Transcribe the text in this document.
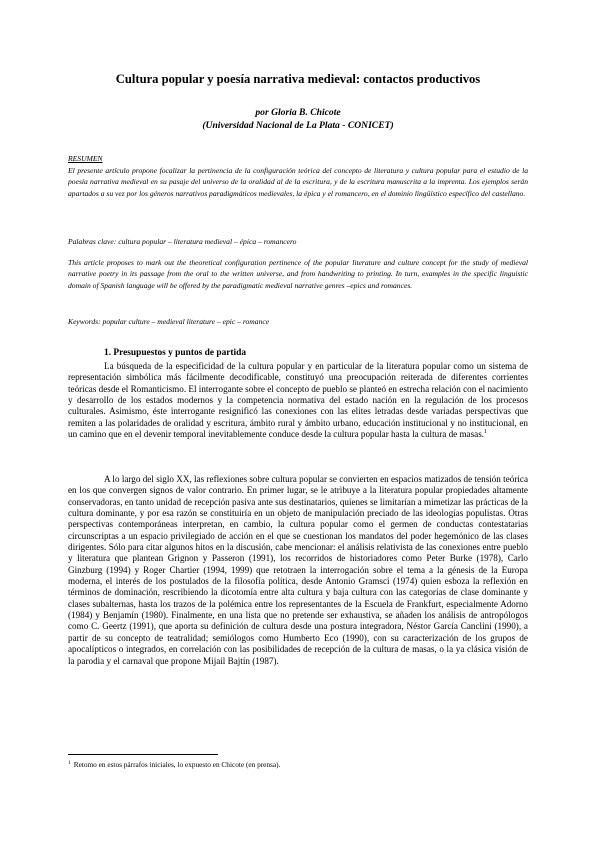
Cultura popular y poesía narrativa medieval: contactos productivos
por Gloria B. Chicote
(Universidad Nacional de La Plata - CONICET)

RESUMEN

El presente artículo propone focalizar la pertinencia de la configuración teórica del concepto de literatura y cultura popular para el estudio de la poesía narrativa medieval en su pasaje del universo de la oralidad al de la escritura, y de la escritura manuscrita a la imprenta. Los ejemplos serán apartados a su vez por los géneros narrativos paradigmáticos medievales, la épica y el romancero, en el dominio lingüístico específico del castellano.

Palabras clave: cultura popular – literatura medieval – épica – romancero

This article proposes to mark out the theoretical configuration pertinence of the popular literature and culture concept for the study of medieval narrative poetry in its passage from the oral to the written universe, and from handwriting to printing. In turn, examples in the specific linguistic domain of Spanish language will be offered by the paradigmatic medieval narrative genres –epics and romances.

Keywords: popular culture – medieval literature – epic – romance

1. Presupuestos y puntos de partida

La búsqueda de la especificidad de la cultura popular y en particular de la literatura popular como un sistema de representación simbólica más fácilmente decodificable, constituyó una preocupación reiterada de diferentes corrientes teóricas desde el Romanticismo. El interrogante sobre el concepto de pueblo se planteó en estrecha relación con el nacimiento y desarrollo de los estados modernos y la competencia normativa del estado nación en la regulación de los procesos culturales. Asimismo, éste interrogante resignificó las conexiones con las elites letradas desde variadas perspectivas que remiten a las polaridades de oralidad y escritura, ámbito rural y ámbito urbano, educación institucional y no institucional, en un camino que en el devenir temporal inevitablemente conduce desde la cultura popular hasta la cultura de masas.$^1$

A lo largo del siglo XX, las reflexiones sobre cultura popular se convierten en espacios matizados de tensión teórica en los que convergen signos de valor contrario. En primer lugar, se le atribuye a la literatura popular propiedades altamente conservadoras, en tanto unidad de recepción pasiva ante sus destinatarios, quienes se limitarían a mimetizar las prácticas de la cultura dominante, y por esa razón se constituiría en un objeto de manipulación preciado de las ideologías populistas. Otras perspectivas contemporáneas interpretan, en cambio, la cultura popular como el germen de conductas contestatarias circunscriptas a un espacio privilegiado de acción en el que se cuestionan los mandatos del poder hegemónico de las clases dirigentes. Sólo para citar algunos hitos en la discusión, cabe mencionar: el análisis relativista de las conexiones entre pueblo y literatura que plantean Grignon y Passeron (1991), los recorridos de historiadores como Peter Burke (1978), Carlo Ginzburg (1994) y Roger Chartier (1994, 1999) que retotraen la interrogación sobre el tema a la génesis de la Europa moderna, el interés de los postulados de la filosofía política, desde Antonio Gramsci (1974) quien esboza la reflexión en términos de dominación, rescribiendo la dicotomía entre alta cultura y baja cultura con las categorías de clase dominante y clases subalternas, hasta los trazos de la polémica entre los representantes de la Escuela de Frankfurt, especialmente Adorno (1984) y Benjamín (1980). Finalmente, en una lista que no pretende ser exhaustiva, se añaden los análisis de antropólogos como C. Geertz (1991), que aporta su definición de cultura desde una postura integradora, Néstor García Canclini (1990), a partir de su concepto de teatralidad; semiólogos como Humberto Eco (1990), con su caracterización de los grupos de apocalípticos o integrados, en correlación con las posibilidades de recepción de la cultura de masas, o la ya clásica visión de la parodia y el carnaval que propone Mijail Bajtín (1987).

$^1$ Retomo en estos párrafos iniciales, lo expuesto en Chicote (en prensa).
